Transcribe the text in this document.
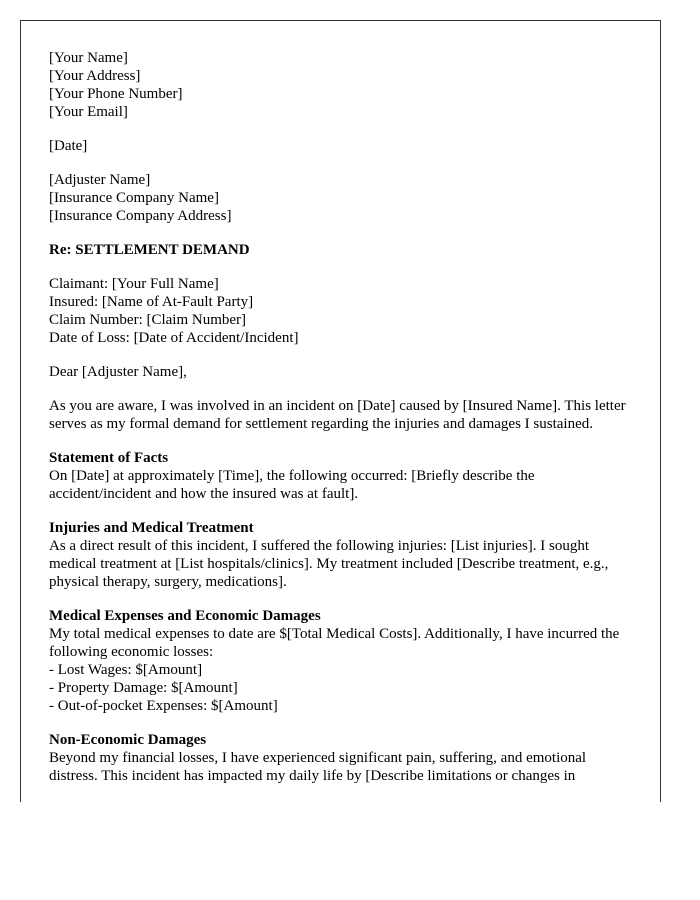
[Your Name]
[Your Address]
[Your Phone Number]
[Your Email]
[Date]
[Adjuster Name]
[Insurance Company Name]
[Insurance Company Address]
Re: SETTLEMENT DEMAND
Claimant: [Your Full Name]
Insured: [Name of At-Fault Party]
Claim Number: [Claim Number]
Date of Loss: [Date of Accident/Incident]
Dear [Adjuster Name],
As you are aware, I was involved in an incident on [Date] caused by [Insured Name]. This letter serves as my formal demand for settlement regarding the injuries and damages I sustained.
Statement of Facts
On [Date] at approximately [Time], the following occurred: [Briefly describe the accident/incident and how the insured was at fault].
Injuries and Medical Treatment
As a direct result of this incident, I suffered the following injuries: [List injuries]. I sought medical treatment at [List hospitals/clinics]. My treatment included [Describe treatment, e.g., physical therapy, surgery, medications].
Medical Expenses and Economic Damages
My total medical expenses to date are $[Total Medical Costs]. Additionally, I have incurred the following economic losses:
- Lost Wages: $[Amount]
- Property Damage: $[Amount]
- Out-of-pocket Expenses: $[Amount]
Non-Economic Damages
Beyond my financial losses, I have experienced significant pain, suffering, and emotional distress. This incident has impacted my daily life by [Describe limitations or changes in
